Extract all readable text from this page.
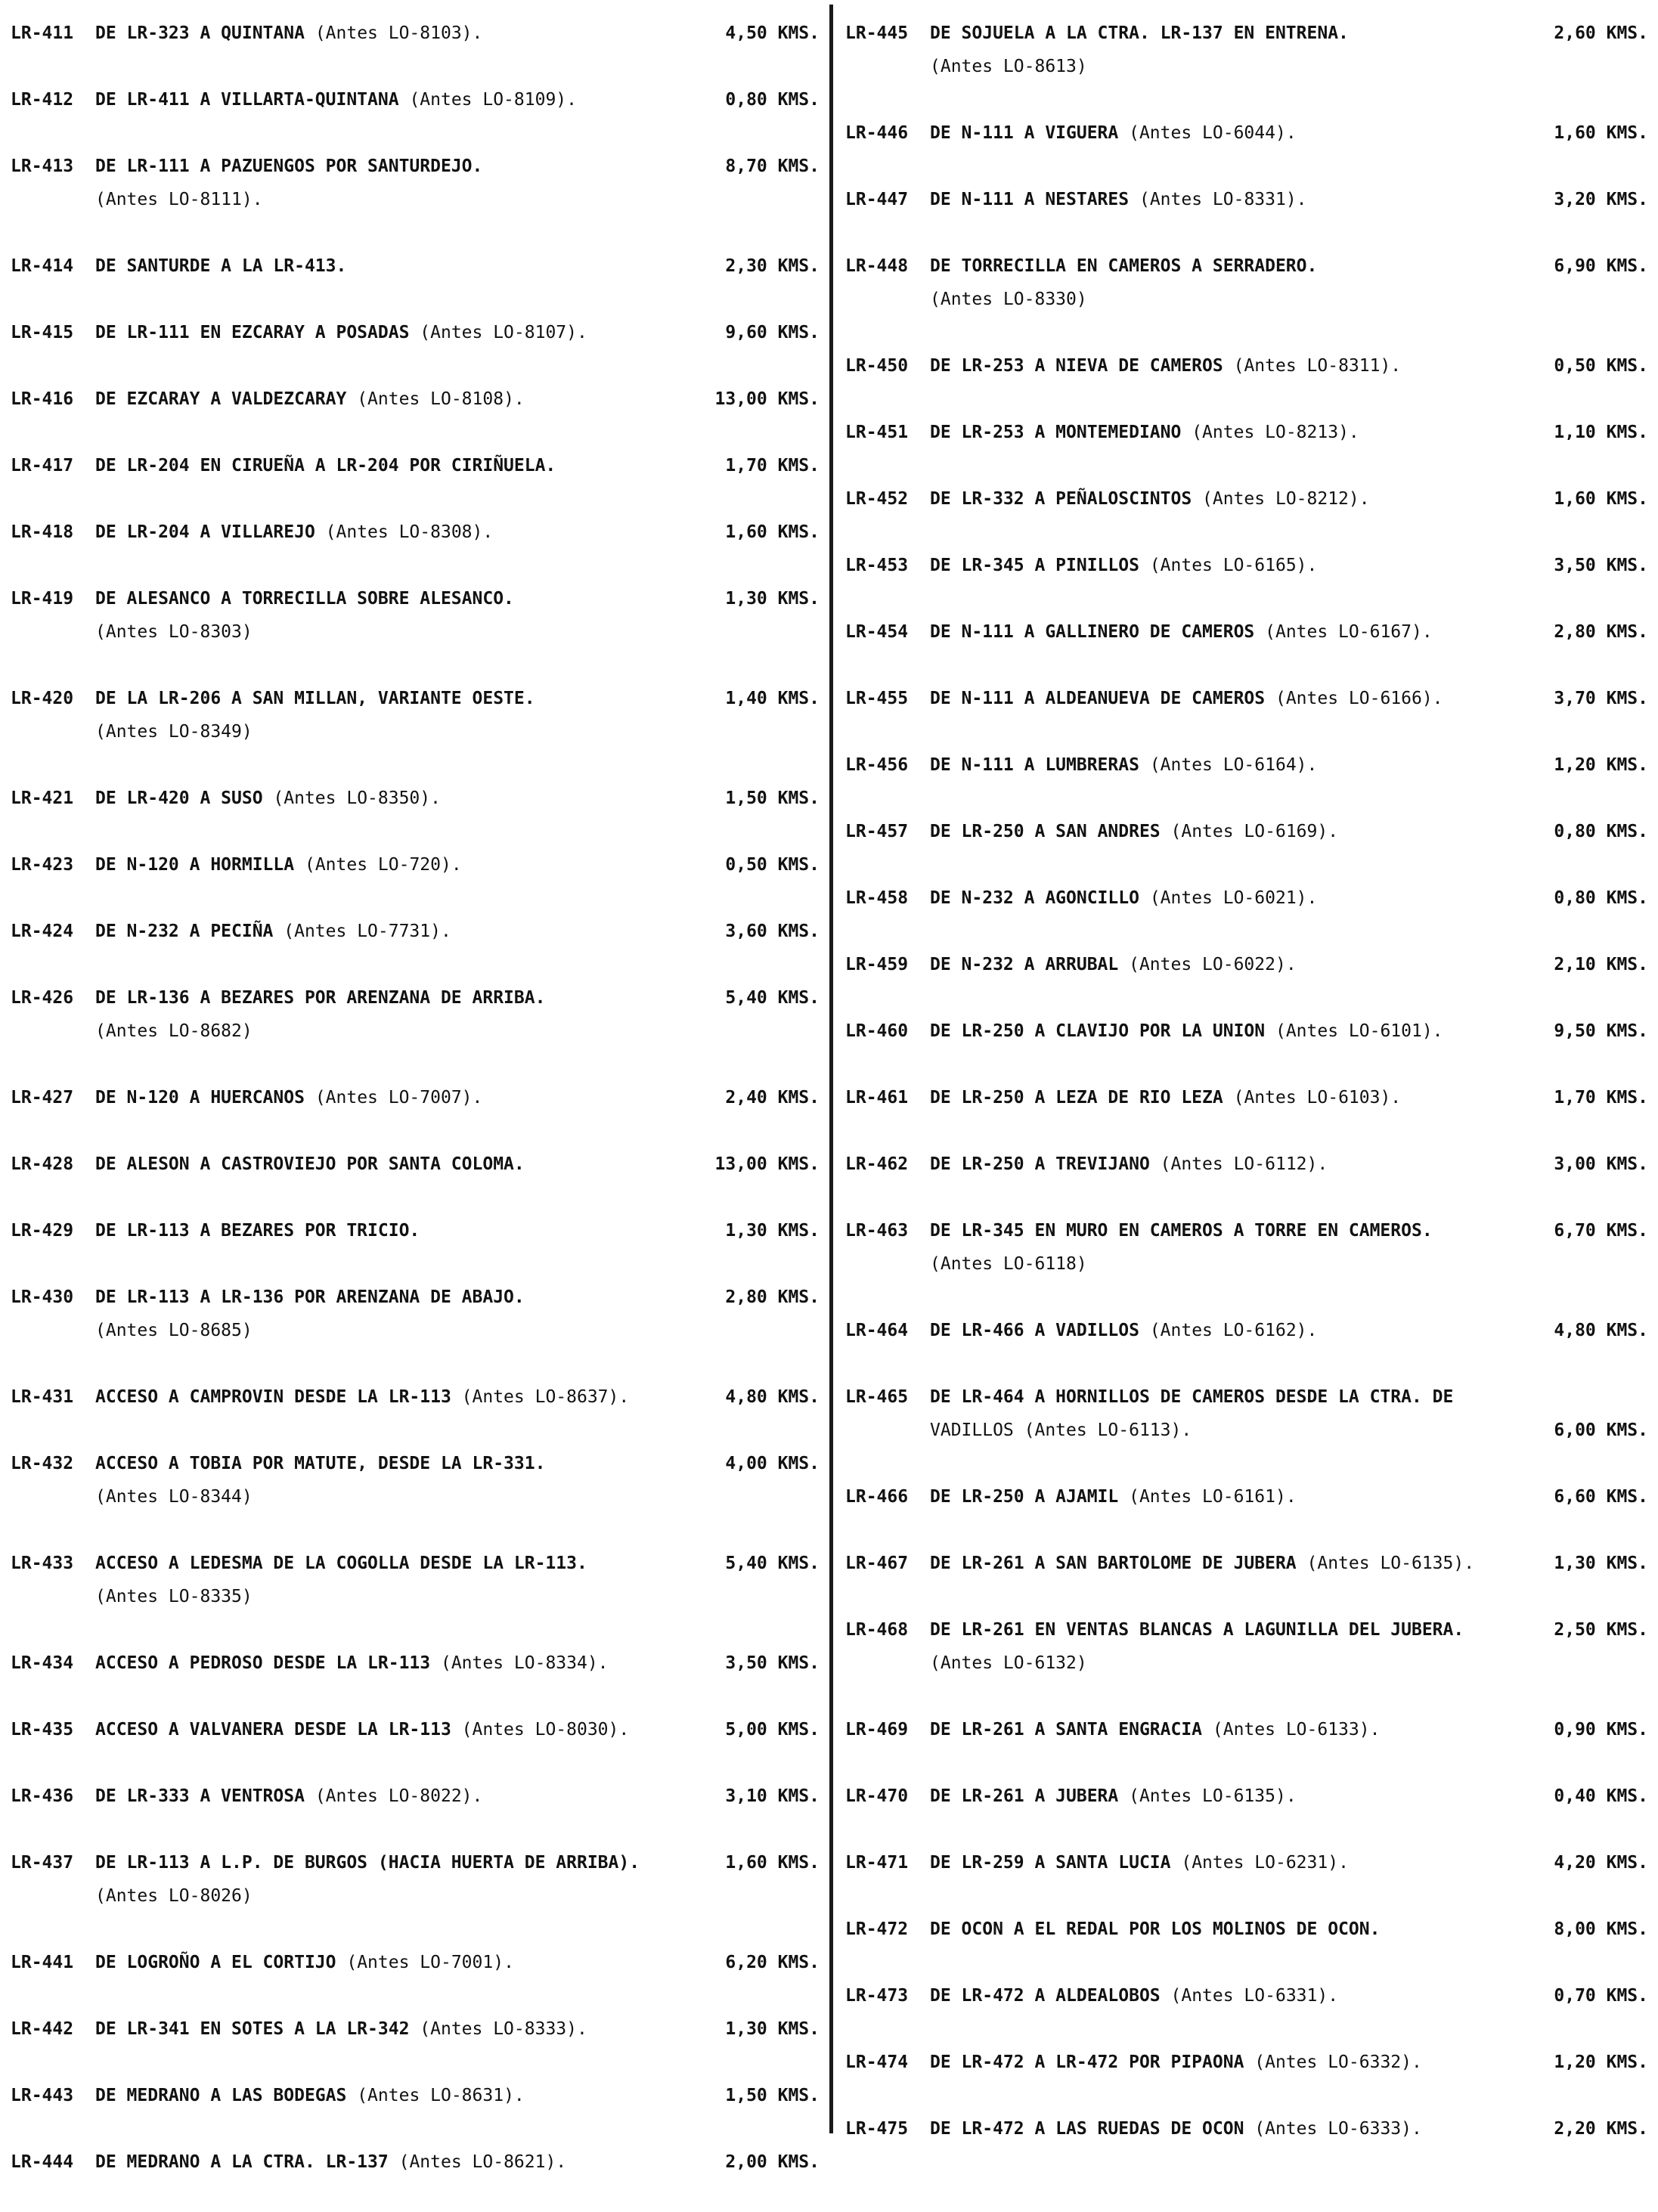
LR-411	DE LR-323 A QUINTANA (Antes LO-8103).	4,50 KMS.
LR-412	DE LR-411 A VILLARTA-QUINTANA (Antes LO-8109).	0,80 KMS.
LR-413	DE LR-111 A PAZUENGOS POR SANTURDEJO.	8,70 KMS.
(Antes LO-8111).
LR-414	DE SANTURDE A LA LR-413.	2,30 KMS.
LR-415	DE LR-111 EN EZCARAY A POSADAS (Antes LO-8107).	9,60 KMS.
LR-416	DE EZCARAY A VALDEZCARAY (Antes LO-8108).	13,00 KMS.
LR-417	DE LR-204 EN CIRUEÑA A LR-204 POR CIRIÑUELA.	1,70 KMS.
LR-418	DE LR-204 A VILLAREJO (Antes LO-8308).	1,60 KMS.
LR-419	DE ALESANCO A TORRECILLA SOBRE ALESANCO.	1,30 KMS.
(Antes LO-8303)
LR-420	DE LA LR-206 A SAN MILLAN, VARIANTE OESTE.	1,40 KMS.
(Antes LO-8349)
LR-421	DE LR-420 A SUSO (Antes LO-8350).	1,50 KMS.
LR-423	DE N-120 A HORMILLA (Antes LO-720).	0,50 KMS.
LR-424	DE N-232 A PECIÑA (Antes LO-7731).	3,60 KMS.
LR-426	DE LR-136 A BEZARES POR ARENZANA DE ARRIBA.	5,40 KMS.
(Antes LO-8682)
LR-427	DE N-120 A HUERCANOS (Antes LO-7007).	2,40 KMS.
LR-428	DE ALESON A CASTROVIEJO POR SANTA COLOMA.	13,00 KMS.
LR-429	DE LR-113 A BEZARES POR TRICIO.	1,30 KMS.
LR-430	DE LR-113 A LR-136 POR ARENZANA DE ABAJO.	2,80 KMS.
(Antes LO-8685)
LR-431	ACCESO A CAMPROVIN DESDE LA LR-113 (Antes LO-8637).	4,80 KMS.
LR-432	ACCESO A TOBIA POR MATUTE, DESDE LA LR-331.	4,00 KMS.
(Antes LO-8344)
LR-433	ACCESO A LEDESMA DE LA COGOLLA DESDE LA LR-113.	5,40 KMS.
(Antes LO-8335)
LR-434	ACCESO A PEDROSO DESDE LA LR-113 (Antes LO-8334).	3,50 KMS.
LR-435	ACCESO A VALVANERA DESDE LA LR-113 (Antes LO-8030).	5,00 KMS.
LR-436	DE LR-333 A VENTROSA (Antes LO-8022).	3,10 KMS.
LR-437	DE LR-113 A L.P. DE BURGOS (HACIA HUERTA DE ARRIBA).	1,60 KMS.
(Antes LO-8026)
LR-441	DE LOGROÑO A EL CORTIJO (Antes LO-7001).	6,20 KMS.
LR-442	DE LR-341 EN SOTES A LA LR-342 (Antes LO-8333).	1,30 KMS.
LR-443	DE MEDRANO A LAS BODEGAS (Antes LO-8631).	1,50 KMS.
LR-444	DE MEDRANO A LA CTRA. LR-137 (Antes LO-8621).	2,00 KMS.
LR-445	DE SOJUELA A LA CTRA. LR-137 EN ENTRENA.	2,60 KMS.
(Antes LO-8613)
LR-446	DE N-111 A VIGUERA (Antes LO-6044).	1,60 KMS.
LR-447	DE N-111 A NESTARES (Antes LO-8331).	3,20 KMS.
LR-448	DE TORRECILLA EN CAMEROS A SERRADERO.	6,90 KMS.
(Antes LO-8330)
LR-450	DE LR-253 A NIEVA DE CAMEROS (Antes LO-8311).	0,50 KMS.
LR-451	DE LR-253 A MONTEMEDIANO (Antes LO-8213).	1,10 KMS.
LR-452	DE LR-332 A PEÑALOSCINTOS (Antes LO-8212).	1,60 KMS.
LR-453	DE LR-345 A PINILLOS (Antes LO-6165).	3,50 KMS.
LR-454	DE N-111 A GALLINERO DE CAMEROS (Antes LO-6167).	2,80 KMS.
LR-455	DE N-111 A ALDEANUEVA DE CAMEROS (Antes LO-6166).	3,70 KMS.
LR-456	DE N-111 A LUMBRERAS (Antes LO-6164).	1,20 KMS.
LR-457	DE LR-250 A SAN ANDRES (Antes LO-6169).	0,80 KMS.
LR-458	DE N-232 A AGONCILLO (Antes LO-6021).	0,80 KMS.
LR-459	DE N-232 A ARRUBAL (Antes LO-6022).	2,10 KMS.
LR-460	DE LR-250 A CLAVIJO POR LA UNION (Antes LO-6101).	9,50 KMS.
LR-461	DE LR-250 A LEZA DE RIO LEZA (Antes LO-6103).	1,70 KMS.
LR-462	DE LR-250 A TREVIJANO (Antes LO-6112).	3,00 KMS.
LR-463	DE LR-345 EN MURO EN CAMEROS A TORRE EN CAMEROS.	6,70 KMS.
(Antes LO-6118)
LR-464	DE LR-466 A VADILLOS (Antes LO-6162).	4,80 KMS.
LR-465	DE LR-464 A HORNILLOS DE CAMEROS DESDE LA CTRA. DE
VADILLOS (Antes LO-6113).	6,00 KMS.
LR-466	DE LR-250 A AJAMIL (Antes LO-6161).	6,60 KMS.
LR-467	DE LR-261 A SAN BARTOLOME DE JUBERA (Antes LO-6135).	1,30 KMS.
LR-468	DE LR-261 EN VENTAS BLANCAS A LAGUNILLA DEL JUBERA.	2,50 KMS.
(Antes LO-6132)
LR-469	DE LR-261 A SANTA ENGRACIA (Antes LO-6133).	0,90 KMS.
LR-470	DE LR-261 A JUBERA (Antes LO-6135).	0,40 KMS.
LR-471	DE LR-259 A SANTA LUCIA (Antes LO-6231).	4,20 KMS.
LR-472	DE OCON A EL REDAL POR LOS MOLINOS DE OCON.	8,00 KMS.
LR-473	DE LR-472 A ALDEALOBOS (Antes LO-6331).	0,70 KMS.
LR-474	DE LR-472 A LR-472 POR PIPAONA (Antes LO-6332).	1,20 KMS.
LR-475	DE LR-472 A LAS RUEDAS DE OCON (Antes LO-6333).	2,20 KMS.
